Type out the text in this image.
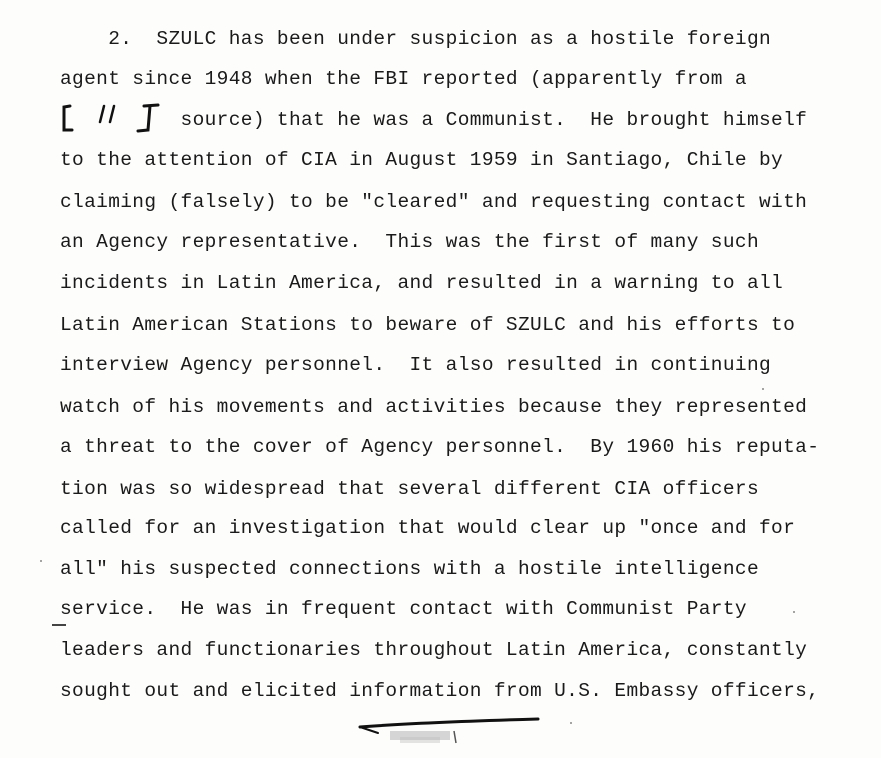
2.  SZULC has been under suspicion as a hostile foreign
agent since 1948 when the FBI reported (apparently from a
source) that he was a Communist.  He brought himself
to the attention of CIA in August 1959 in Santiago, Chile by
claiming (falsely) to be "cleared" and requesting contact with
an Agency representative.  This was the first of many such
incidents in Latin America, and resulted in a warning to all
Latin American Stations to beware of SZULC and his efforts to
interview Agency personnel.  It also resulted in continuing
watch of his movements and activities because they represented
a threat to the cover of Agency personnel.  By 1960 his reputa-
tion was so widespread that several different CIA officers
called for an investigation that would clear up "once and for
all" his suspected connections with a hostile intelligence
service.  He was in frequent contact with Communist Party
leaders and functionaries throughout Latin America, constantly
sought out and elicited information from U.S. Embassy officers,
